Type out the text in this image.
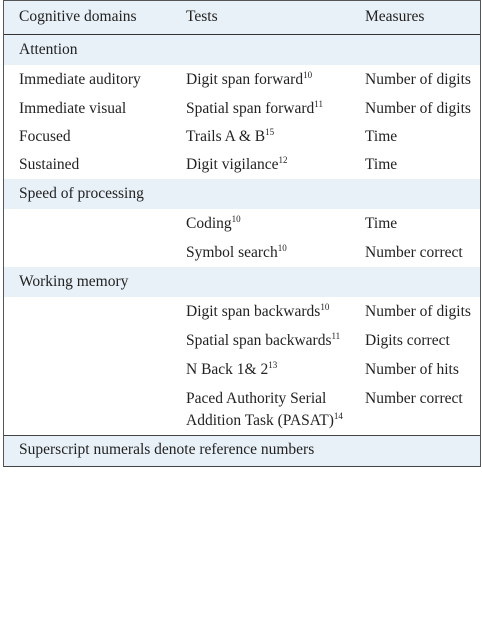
Cognitive domains	Tests	Measures
Attention		
Immediate auditory	Digit span forward$^{10}$	Number of digits
Immediate visual	Spatial span forward$^{11}$	Number of digits
Focused	Trails A & $B^{15}$	Time
Sustained	Digit vigilance$^{12}$	Time
Speed of processing		
	Coding$^{10}$	Time
	Symbol search$^{10}$	Number correct
Working memory		
	Digit span backwards$^{10}$	Number of digits
	Spatial span backwards$^{11}$	Digits correct
	N Back 1& $2^{13}$	Number of hits
	Paced Authority Serial Addition Task (PASAT)$^{14}$	Number correct
Superscript numerals denote reference numbers		
